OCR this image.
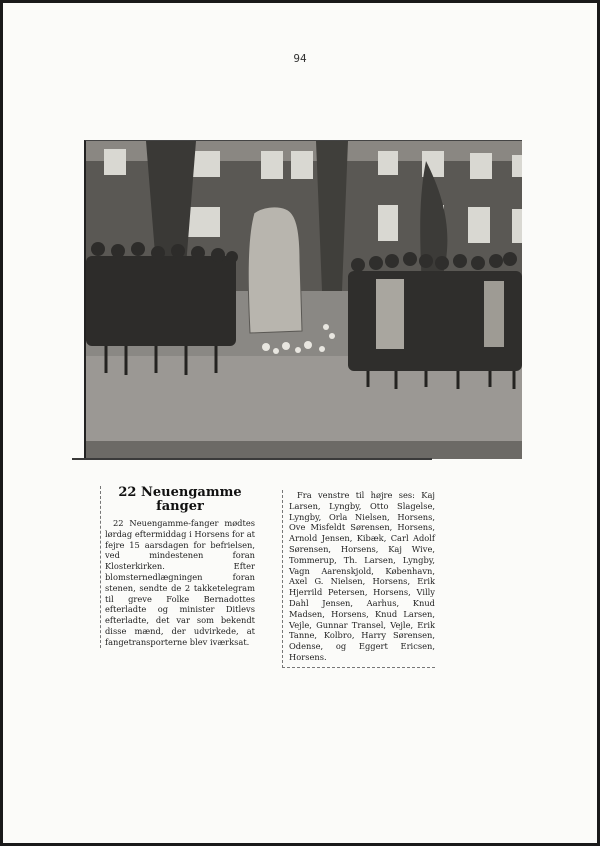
94
22 Neuengamme
fanger

22 Neuengamme-fanger mødtes lørdag eftermiddag i Horsens for at fejre 15 aarsdagen for befrielsen, ved mindestenen foran Klosterkirken. Efter blomsternedlægningen foran stenen, sendte de 2 takketelegram til greve Folke Bernadottes efterladte og minister Ditlevs efterladte, det var som bekendt disse mænd, der udvirkede, at fangetransporterne blev iværksat.

Fra venstre til højre ses: Kaj Larsen, Lyngby, Otto Slagelse, Lyngby, Orla Nielsen, Horsens, Ove Misfeldt Sørensen, Horsens, Arnold Jensen, Kibæk, Carl Adolf Sørensen, Horsens, Kaj Wive, Tommerup, Th. Larsen, Lyngby, Vagn Aarenskjold, København, Axel G. Nielsen, Horsens, Erik Hjerrild Petersen, Horsens, Villy Dahl Jensen, Aarhus, Knud Madsen, Horsens, Knud Larsen, Vejle, Gunnar Transel, Vejle, Erik Tanne, Kolbro, Harry Sørensen, Odense, og Eggert Ericsen, Horsens.
